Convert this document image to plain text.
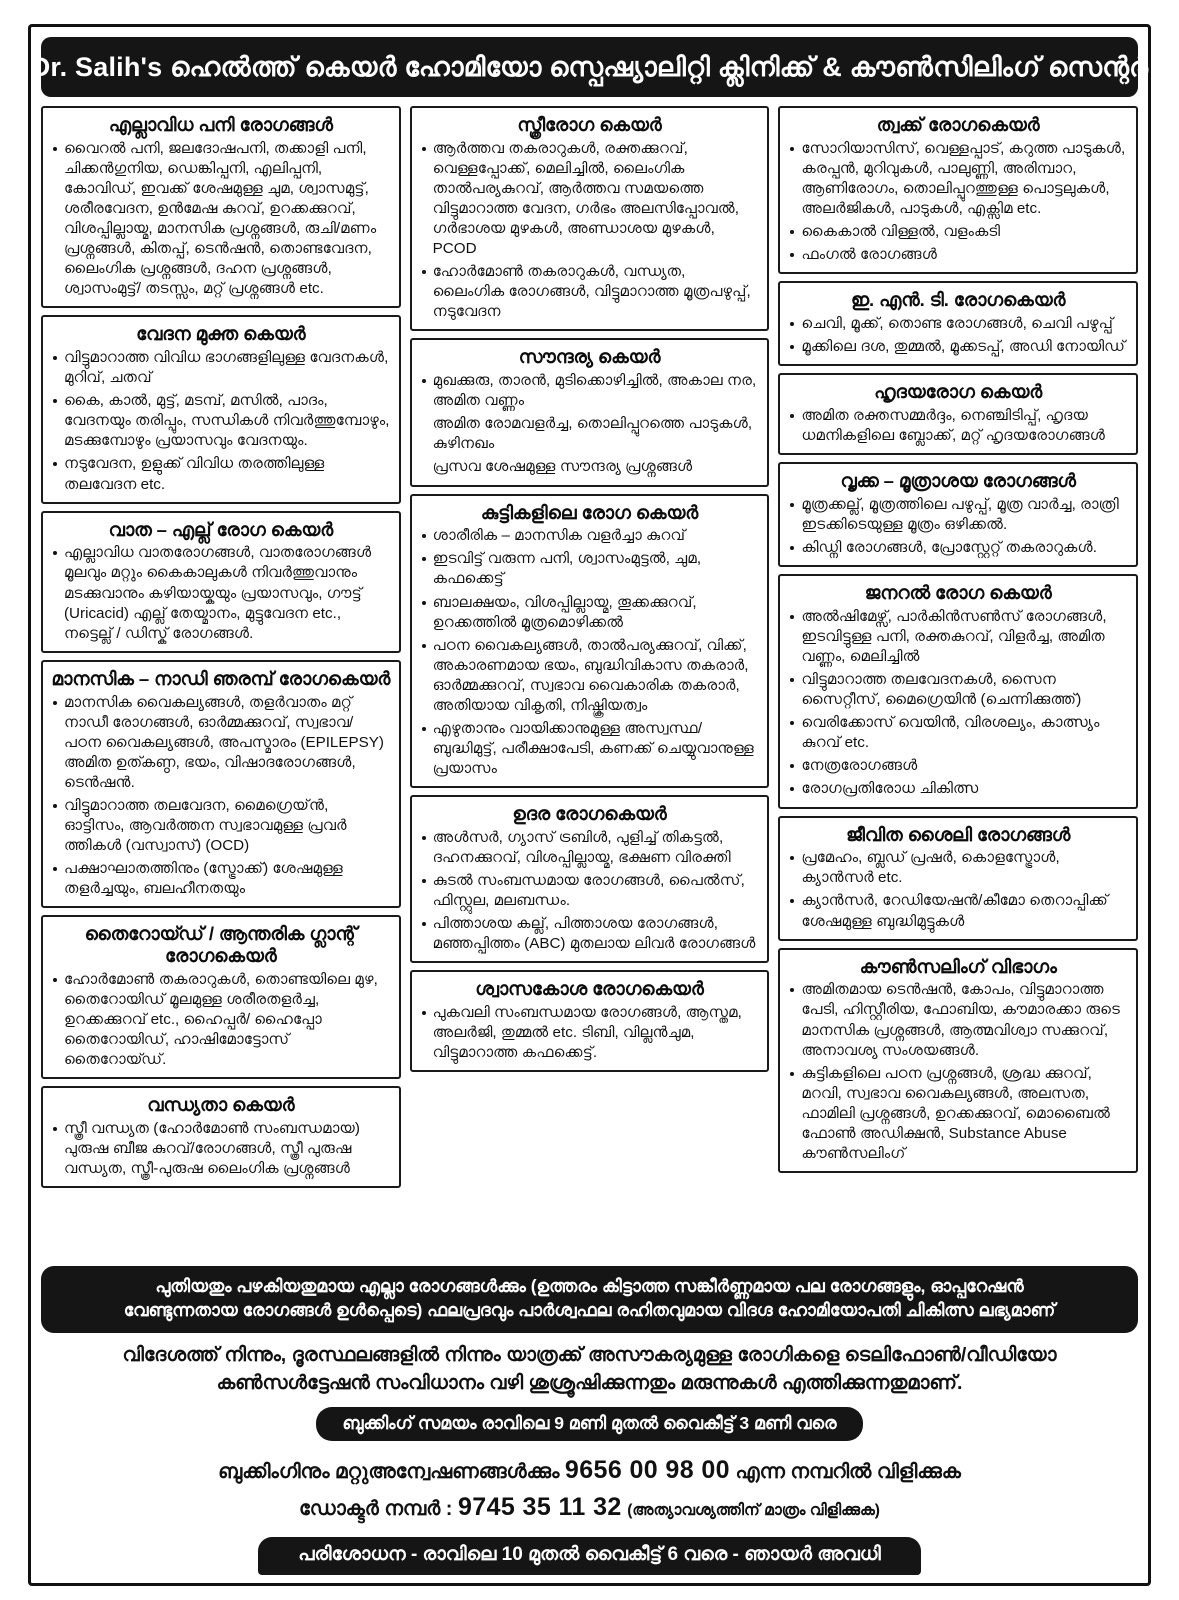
Dr. Salih's ഹെൽത്ത് കെയർ ഹോമിയോ സ്പെഷ്യാലിറ്റി ക്ലിനിക്ക് & കൗൺസിലിംഗ് സെന്റർ
എല്ലാവിധ പനി രോഗങ്ങൾ
വൈറൽ പനി, ജലദോഷപനി, തക്കാളി പനി, ചിക്കൻഗുനിയ, ഡെങ്കിപ്പനി, എലിപ്പനി, കോവിഡ്, ഇവക്ക് ശേഷമുള്ള ചുമ, ശ്വാസമുട്ട്, ശരീരവേദന, ഉൻമേഷ കുറവ്, ഉറക്കക്കുറവ്, വിശപ്പില്ലായ്മ, മാനസിക പ്രശ്നങ്ങൾ, രുചി/മണം പ്രശ്നങ്ങൾ, കിതപ്പ്, ടെൻഷൻ, തൊണ്ടവേദന, ലൈംഗിക പ്രശ്നങ്ങൾ, ദഹന പ്രശ്നങ്ങൾ, ശ്വാസംമുട്ട്/ തടസ്സം, മറ്റ് പ്രശ്നങ്ങൾ etc.
വേദന മുക്ത കെയർ
വിട്ടുമാറാത്ത വിവിധ ഭാഗങ്ങളിലുള്ള വേദനകൾ, മുറിവ്, ചതവ്
കൈ, കാൽ, മുട്ട്, മടമ്പ്, മസിൽ, പാദം, വേദനയും തരിപ്പും, സന്ധികൾ നിവർത്തുമ്പോഴും, മടക്കുമ്പോഴും പ്രയാസവും വേദനയും.
നടുവേദന, ഉളുക്ക് വിവിധ തരത്തിലുള്ള തലവേദന etc.
വാത – എല്ല് രോഗ കെയർ
എല്ലാവിധ വാതരോഗങ്ങൾ, വാതരോഗങ്ങൾ മൂലവും മറ്റും കൈകാലുകൾ നിവർത്തുവാനും മടക്കുവാനും കഴിയായ്കയും പ്രയാസവും, ഗൗട്ട് (Uricacid) എല്ല് തേയ്മാനം, മുട്ടുവേദന etc., നട്ടെല്ല് / ഡിസ്ക് രോഗങ്ങൾ.
മാനസിക – നാഡി ഞരമ്പ് രോഗകെയർ
മാനസിക വൈകല്യങ്ങൾ, തളർവാതം മറ്റ് നാഡീ രോഗങ്ങൾ, ഓർമ്മക്കുറവ്, സ്വഭാവ/ പഠന വൈകല്യങ്ങൾ, അപസ്മാരം (EPILEPSY) അമിത ഉത്കണ്ഠ, ഭയം, വിഷാദരോഗങ്ങൾ, ടെൻഷൻ.
വിട്ടുമാറാത്ത തലവേദന, മൈഗ്രെയ്ൻ, ഓട്ടിസം, ആവർത്തന സ്വഭാവമുള്ള പ്രവർ ത്തികൾ (വസ്വാസ്) (OCD)
പക്ഷാഘാതത്തിനും (സ്ട്രോക്ക്) ശേഷമുള്ള തളർച്ചയും, ബലഹീനതയും
തൈറോയ്ഡ് / ആന്തരിക ഗ്ലാന്റ് രോഗകെയർ
ഹോർമോൺ തകരാറുകൾ, തൊണ്ടയിലെ മുഴ, തൈറോയിഡ് മൂലമുള്ള ശരീരതളർച്ച, ഉറക്കക്കുറവ് etc., ഹൈപ്പർ/ ഹൈപ്പോ തൈറോയിഡ്, ഹാഷിമോട്ടോസ് തൈറോയ്ഡ്.
വന്ധ്യതാ കെയർ
സ്ത്രീ വന്ധ്യത (ഹോർമോൺ സംബന്ധമായ) പുരുഷ ബീജ കുറവ്/രോഗങ്ങൾ, സ്ത്രീ പുരുഷ വന്ധ്യത, സ്ത്രീ-പുരുഷ ലൈംഗിക പ്രശ്നങ്ങൾ
സ്ത്രീരോഗ കെയർ
ആർത്തവ തകരാറുകൾ, രക്തക്കുറവ്, വെള്ളപ്പോക്ക്, മെലിച്ചിൽ, ലൈംഗിക താൽപര്യകുറവ്, ആർത്തവ സമയത്തെ വിട്ടുമാറാത്ത വേദന, ഗർഭം അലസിപ്പോവൽ, ഗർഭാശയ മുഴകൾ, അണ്ഡാശയ മുഴകൾ, PCOD
ഹോർമോൺ തകരാറുകൾ, വന്ധ്യത, ലൈംഗിക രോഗങ്ങൾ, വിട്ടുമാറാത്ത മൂത്രപഴുപ്പ്, നടുവേദന
സൗന്ദര്യ കെയർ
മുഖക്കുരു, താരൻ, മുടിക്കൊഴിച്ചിൽ, അകാല നര, അമിത വണ്ണം
അമിത രോമവളർച്ച, തൊലിപ്പുറത്തെ പാടുകൾ, കുഴിനഖം
പ്രസവ ശേഷമുള്ള സൗന്ദര്യ പ്രശ്നങ്ങൾ
കുട്ടികളിലെ രോഗ കെയർ
ശാരീരിക – മാനസിക വളർച്ചാ കുറവ്
ഇടവിട്ട് വരുന്ന പനി, ശ്വാസംമുട്ടൽ, ചുമ, കഫക്കെട്ട്
ബാലക്ഷയം, വിശപ്പില്ലായ്മ, തൂക്കക്കുറവ്, ഉറക്കത്തിൽ മൂത്രമൊഴിക്കൽ
പഠന വൈകല്യങ്ങൾ, താൽപര്യക്കുറവ്, വിക്ക്, അകാരണമായ ഭയം, ബുദ്ധിവികാസ തകരാർ, ഓർമ്മക്കുറവ്, സ്വഭാവ വൈകാരിക തകരാർ, അതിയായ വികൃതി, നിഷ്ക്രിയത്വം
എഴുതാനും വായിക്കാനുമുള്ള അസ്വസ്ഥ/ ബുദ്ധിമുട്ട്, പരീക്ഷാപേടി, കണക്ക് ചെയ്യുവാനുള്ള പ്രയാസം
ഉദര രോഗകെയർ
അൾസർ, ഗ്യാസ് ട്രബിൾ, പുളിച്ച് തികട്ടൽ, ദഹനക്കുറവ്, വിശപ്പില്ലായ്മ, ഭക്ഷണ വിരക്തി
കുടൽ സംബന്ധമായ രോഗങ്ങൾ, പൈൽസ്, ഫിസ്റ്റുല, മലബന്ധം.
പിത്താശയ കല്ല്, പിത്താശയ രോഗങ്ങൾ, മഞ്ഞപ്പിത്തം (ABC) മുതലായ ലിവർ രോഗങ്ങൾ
ശ്വാസകോശ രോഗകെയർ
പുകവലി സംബന്ധമായ രോഗങ്ങൾ, ആസ്തമ, അലർജി, തുമ്മൽ etc. ടിബി, വില്ലൻചുമ, വിട്ടുമാറാത്ത കഫക്കെട്ട്.
ത്വക്ക് രോഗകെയർ
സോറിയാസിസ്, വെള്ളപ്പാട്, കറുത്ത പാടുകൾ, കരപ്പൻ, മുറിവുകൾ, പാലുണ്ണി, അരിമ്പാറ, ആണിരോഗം, തൊലിപ്പുറത്തുള്ള പൊട്ടലുകൾ, അലർജികൾ, പാടുകൾ, എക്സിമ etc.
കൈകാൽ വിള്ളൽ, വളംകടി
ഫംഗൽ രോഗങ്ങൾ
ഇ. എൻ. ടി. രോഗകെയർ
ചെവി, മൂക്ക്, തൊണ്ട രോഗങ്ങൾ, ചെവി പഴുപ്പ്
മൂക്കിലെ ദശ, തുമ്മൽ, മൂക്കടപ്പ്, അഡി നോയിഡ്
ഹൃദയരോഗ കെയർ
അമിത രക്തസമ്മർദ്ദം, നെഞ്ചിടിപ്പ്, ഹൃദയ ധമനികളിലെ ബ്ലോക്ക്, മറ്റ് ഹൃദയരോഗങ്ങൾ
വൃക്ക – മൂത്രാശയ രോഗങ്ങൾ
മൂത്രക്കല്ല്, മൂത്രത്തിലെ പഴുപ്പ്, മൂത്ര വാർച്ച, രാത്രി ഇടക്കിടെയുള്ള മൂത്രം ഒഴിക്കൽ.
കിഡ്നി രോഗങ്ങൾ, പ്രോസ്റ്റേറ്റ് തകരാറുകൾ.
ജനറൽ രോഗ കെയർ
അൽഷിമേഴ്സ്, പാർകിൻസൺസ് രോഗങ്ങൾ, ഇടവിട്ടുള്ള പനി, രക്തകുറവ്, വിളർച്ച, അമിത വണ്ണം, മെലിച്ചിൽ
വിട്ടുമാറാത്ത തലവേദനകൾ, സൈന സൈറ്റീസ്, മൈഗ്രെയിൻ (ചെന്നിക്കുത്ത്)
വെരിക്കോസ് വെയിൻ, വിരശല്യം, കാത്സ്യം കുറവ് etc.
നേത്രരോഗങ്ങൾ
രോഗപ്രതിരോധ ചികിത്സ
ജീവിത ശൈലി രോഗങ്ങൾ
പ്രമേഹം, ബ്ലഡ് പ്രഷർ, കൊളസ്ട്രോൾ, ക്യാൻസർ etc.
ക്യാൻസർ, റേഡിയേഷൻ/കീമോ തെറാപ്പിക്ക് ശേഷമുള്ള ബുദ്ധിമുട്ടുകൾ
കൗൺസലിംഗ് വിഭാഗം
അമിതമായ ടെൻഷൻ, കോപം, വിട്ടുമാറാത്ത പേടി, ഹിസ്റ്റീരിയ, ഫോബിയ, കൗമാരക്കാ രുടെ മാനസിക പ്രശ്നങ്ങൾ, ആത്മവിശ്വാ സക്കുറവ്, അനാവശ്യ സംശയങ്ങൾ.
കുട്ടികളിലെ പഠന പ്രശ്നങ്ങൾ, ശ്രദ്ധ ക്കുറവ്, മറവി, സ്വഭാവ വൈകല്യങ്ങൾ, അലസത, ഫാമിലി പ്രശ്നങ്ങൾ, ഉറക്കക്കുറവ്, മൊബൈൽ ഫോൺ അഡിക്ഷൻ, Substance Abuse കൗൺസലിംഗ്

പുതിയതും പഴകിയതുമായ എല്ലാ രോഗങ്ങൾക്കും (ഉത്തരം കിട്ടാത്ത സങ്കീർണ്ണമായ പല രോഗങ്ങളും, ഓപ്പറേഷൻ

വേണ്ടുന്നതായ രോഗങ്ങൾ ഉൾപ്പെടെ) ഫലപ്രദവും പാർശ്വഫല രഹിതവുമായ വിദഗ്ദ ഹോമിയോപതി ചികിത്സ ലഭ്യമാണ്

വിദേശത്ത് നിന്നും, ദൂരസ്ഥലങ്ങളിൽ നിന്നും യാത്രക്ക് അസൗകര്യമുള്ള രോഗികളെ ടെലിഫോൺ/വീഡിയോ

കൺസൾട്ടേഷൻ സംവിധാനം വഴി ശുശ്രൂഷിക്കുന്നതും മരുന്നുകൾ എത്തിക്കുന്നതുമാണ്.

ബുക്കിംഗ് സമയം രാവിലെ 9 മണി മുതൽ വൈകീട്ട് 3 മണി വരെ
ബുക്കിംഗിനും മറ്റുഅന്വേഷണങ്ങൾക്കും 9656 00 98 00 എന്ന നമ്പറിൽ വിളിക്കുക
ഡോക്ടർ നമ്പർ : 9745 35 11 32 (അത്യാവശ്യത്തിന് മാത്രം വിളിക്കുക)
പരിശോധന - രാവിലെ 10 മുതൽ വൈകീട്ട് 6 വരെ - ഞായർ അവധി
